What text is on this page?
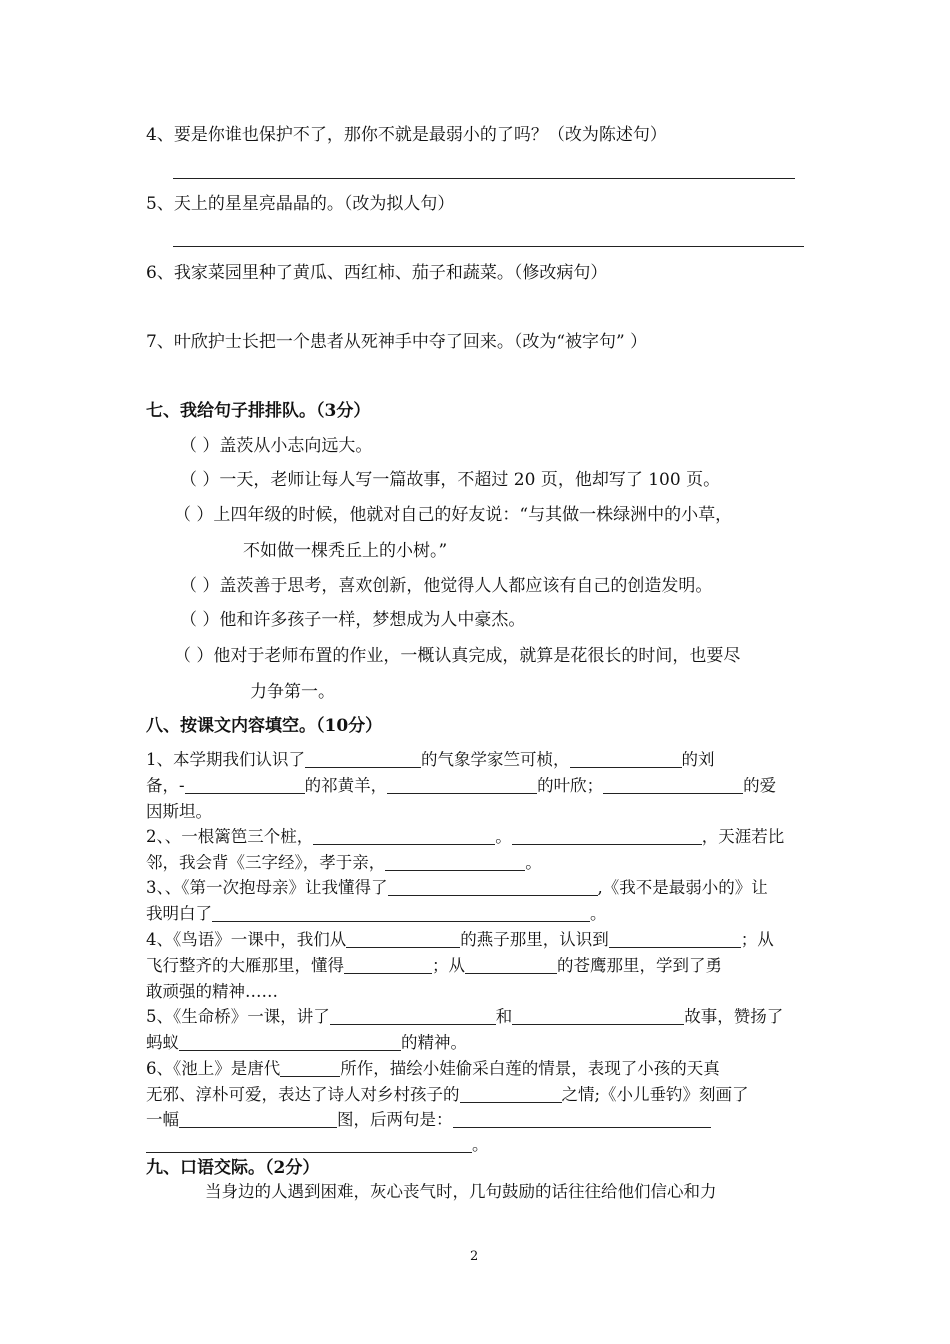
4、要是你谁也保护不了，那你不就是最弱小的了吗？（改为陈述句）
5、天上的星星亮晶晶的。（改为拟人句）
6、我家菜园里种了黄瓜、西红柿、茄子和蔬菜。（修改病句）
7、叶欣护士长把一个患者从死神手中夺了回来。（改为“被字句” ）
七、我给句子排排队。（3分）
（ ）盖茨从小志向远大。
（ ）一天，老师让每人写一篇故事，不超过 20 页，他却写了 100 页。
（ ）上四年级的时候，他就对自己的好友说：“与其做一株绿洲中的小草，
不如做一棵秃丘上的小树。”
（ ）盖茨善于思考，喜欢创新，他觉得人人都应该有自己的创造发明。
（ ）他和许多孩子一样，梦想成为人中豪杰。
（ ）他对于老师布置的作业，一概认真完成，就算是花很长的时间，也要尽
力争第一。
八、按课文内容填空。（10分）
1、本学期我们认识了	的气象学家竺可桢，	的刘
备，-	的祁黄羊，	的叶欣；	的爱
因斯坦。
2、、一根篱笆三个桩，	。	，天涯若比
邻，我会背《三字经》，孝于亲，	。
3、、《第一次抱母亲》让我懂得了	,《我不是最弱小的》让
我明白了	。
4、《鸟语》一课中，我们从	的燕子那里，认识到	；从
飞行整齐的大雁那里，懂得	；从	的苍鹰那里，学到了勇
敢顽强的精神……
5、《生命桥》一课，讲了	和	故事，赞扬了
蚂蚁	的精神。
6、《池上》是唐代	所作，描绘小娃偷采白莲的情景，表现了小孩的天真
无邪、淳朴可爱，表达了诗人对乡村孩子的	之情;《小儿垂钓》刻画了
一幅	图，后两句是：
。
九、口语交际。（2分）
当身边的人遇到困难，灰心丧气时，几句鼓励的话往往给他们信心和力
2
